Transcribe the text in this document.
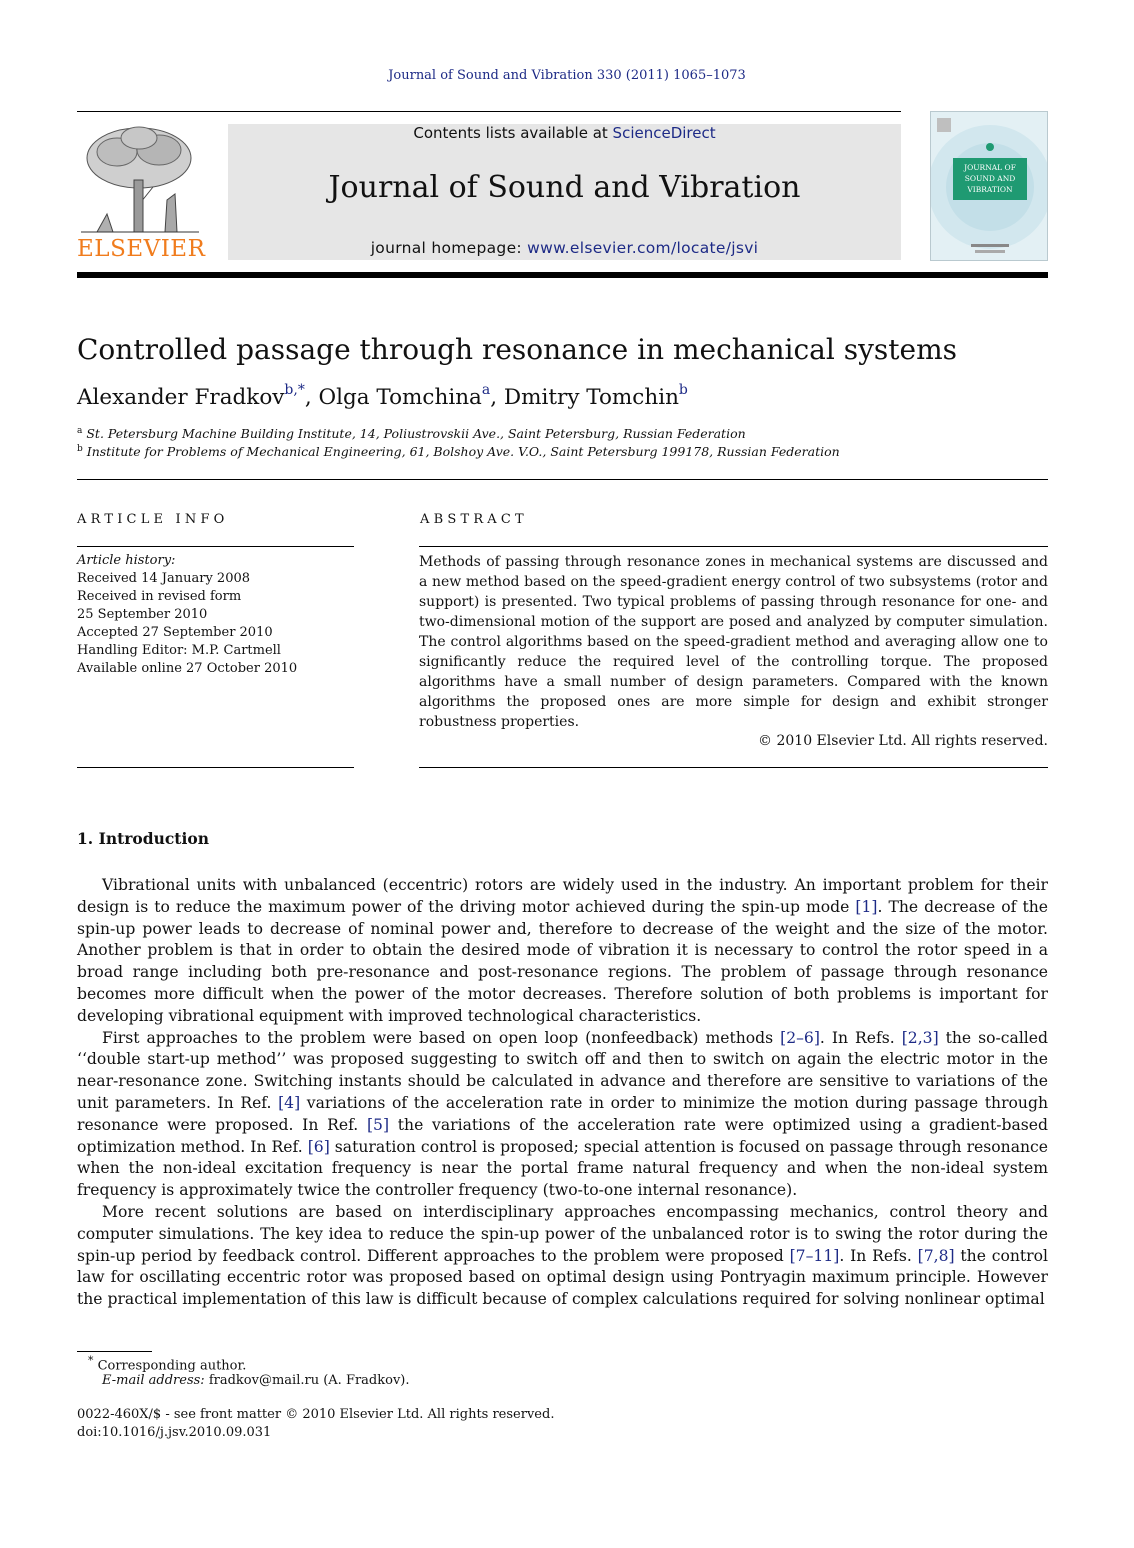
Journal of Sound and Vibration 330 (2011) 1065–1073
ELSEVIER
Contents lists available at ScienceDirect
Journal of Sound and Vibration
journal homepage: www.elsevier.com/locate/jsvi
JOURNAL OF
SOUND AND
VIBRATION
Controlled passage through resonance in mechanical systems
Alexander Fradkov$^{b,*}$, Olga Tomchina$^a$, Dmitry Tomchin$^b$
$^a$ St. Petersburg Machine Building Institute, 14, Poliustrovskii Ave., Saint Petersburg, Russian Federation
$^b$ Institute for Problems of Mechanical Engineering, 61, Bolshoy Ave. V.O., Saint Petersburg 199178, Russian Federation
ARTICLE INFO
Article history:
Received 14 January 2008
Received in revised form
25 September 2010
Accepted 27 September 2010
Handling Editor: M.P. Cartmell
Available online 27 October 2010
ABSTRACT
Methods of passing through resonance zones in mechanical systems are discussed and a new method based on the speed-gradient energy control of two subsystems (rotor and support) is presented. Two typical problems of passing through resonance for one- and two-dimensional motion of the support are posed and analyzed by computer simulation. The control algorithms based on the speed-gradient method and averaging allow one to significantly reduce the required level of the controlling torque. The proposed algorithms have a small number of design parameters. Compared with the known algorithms the proposed ones are more simple for design and exhibit stronger robustness properties.
© 2010 Elsevier Ltd. All rights reserved.
1. Introduction

Vibrational units with unbalanced (eccentric) rotors are widely used in the industry. An important problem for their design is to reduce the maximum power of the driving motor achieved during the spin-up mode [1]. The decrease of the spin-up power leads to decrease of nominal power and, therefore to decrease of the weight and the size of the motor. Another problem is that in order to obtain the desired mode of vibration it is necessary to control the rotor speed in a broad range including both pre-resonance and post-resonance regions. The problem of passage through resonance becomes more difficult when the power of the motor decreases. Therefore solution of both problems is important for developing vibrational equipment with improved technological characteristics.

First approaches to the problem were based on open loop (nonfeedback) methods [2–6]. In Refs. [2,3] the so-called ‘‘double start-up method’’ was proposed suggesting to switch off and then to switch on again the electric motor in the near-resonance zone. Switching instants should be calculated in advance and therefore are sensitive to variations of the unit parameters. In Ref. [4] variations of the acceleration rate in order to minimize the motion during passage through resonance were proposed. In Ref. [5] the variations of the acceleration rate were optimized using a gradient-based optimization method. In Ref. [6] saturation control is proposed; special attention is focused on passage through resonance when the non-ideal excitation frequency is near the portal frame natural frequency and when the non-ideal system frequency is approximately twice the controller frequency (two-to-one internal resonance).

More recent solutions are based on interdisciplinary approaches encompassing mechanics, control theory and computer simulations. The key idea to reduce the spin-up power of the unbalanced rotor is to swing the rotor during the spin-up period by feedback control. Different approaches to the problem were proposed [7–11]. In Refs. [7,8] the control law for oscillating eccentric rotor was proposed based on optimal design using Pontryagin maximum principle. However the practical implementation of this law is difficult because of complex calculations required for solving nonlinear optimal

* Corresponding author.
E-mail address: fradkov@mail.ru (A. Fradkov).
0022-460X/$ - see front matter © 2010 Elsevier Ltd. All rights reserved.
doi:10.1016/j.jsv.2010.09.031
